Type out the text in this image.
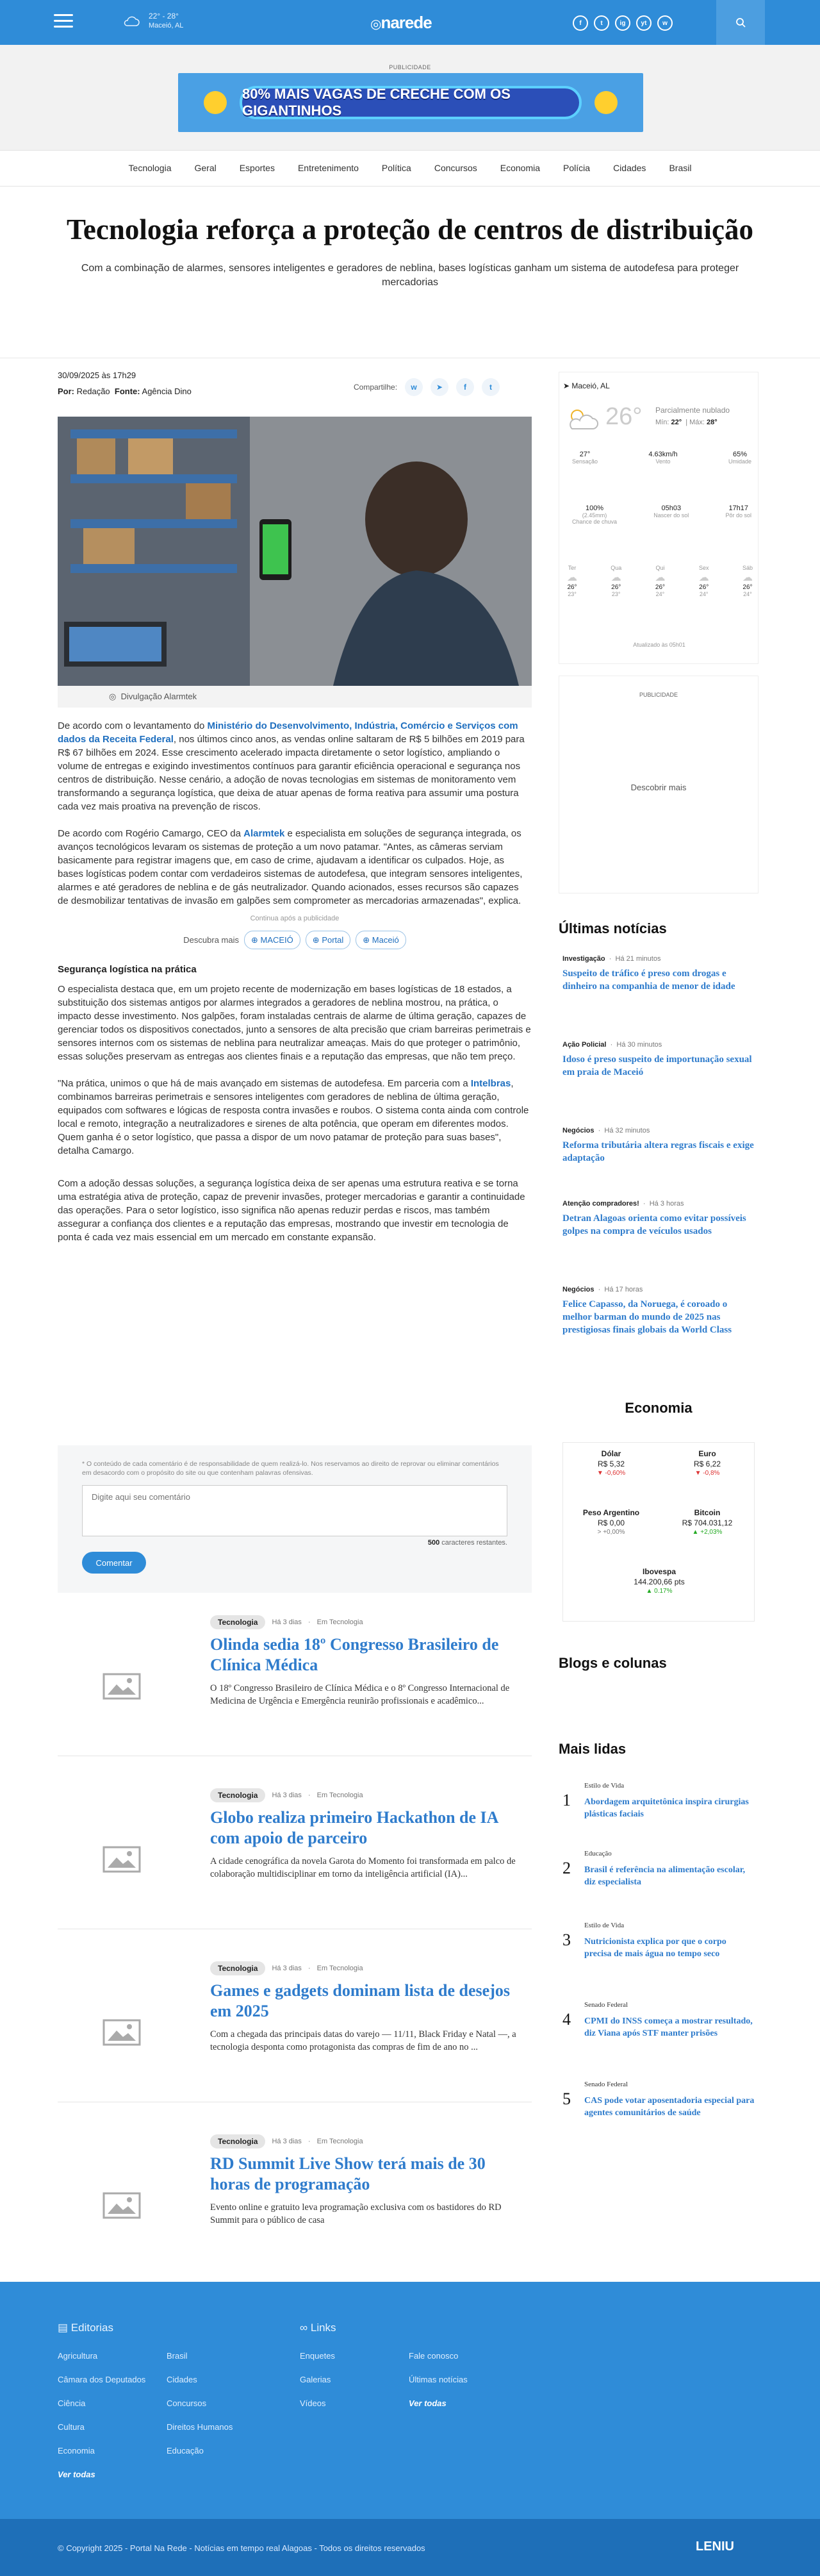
22° - 28°
Maceió, AL	◎narede	f	t	ig	yt	w
PUBLICIDADE
80% MAIS VAGAS DE CRECHE COM OS GIGANTINHOS
Tecnologia	Geral	Esportes	Entretenimento	Política	Concursos	Economia	Polícia	Cidades	Brasil
Tecnologia reforça a proteção de centros de distribuição

Com a combinação de alarmes, sensores inteligentes e geradores de neblina, bases logísticas ganham um sistema de autodefesa para proteger mercadorias

30/09/2025 às 17h29
Por: Redação Fonte: Agência Dino	Compartilhe:	w	➤	f	t
◎ Divulgação Alarmtek

De acordo com o levantamento do Ministério do Desenvolvimento, Indústria, Comércio e Serviços com dados da Receita Federal, nos últimos cinco anos, as vendas online saltaram de R$ 5 bilhões em 2019 para R$ 67 bilhões em 2024. Esse crescimento acelerado impacta diretamente o setor logístico, ampliando o volume de entregas e exigindo investimentos contínuos para garantir eficiência operacional e segurança nos centros de distribuição. Nesse cenário, a adoção de novas tecnologias em sistemas de monitoramento vem transformando a segurança logística, que deixa de atuar apenas de forma reativa para assumir uma postura cada vez mais proativa na prevenção de riscos.

De acordo com Rogério Camargo, CEO da Alarmtek e especialista em soluções de segurança integrada, os avanços tecnológicos levaram os sistemas de proteção a um novo patamar. "Antes, as câmeras serviam basicamente para registrar imagens que, em caso de crime, ajudavam a identificar os culpados. Hoje, as bases logísticas podem contar com verdadeiros sistemas de autodefesa, que integram sensores inteligentes, alarmes e até geradores de neblina e de gás neutralizador. Quando acionados, esses recursos são capazes de desmobilizar tentativas de invasão em galpões sem comprometer as mercadorias armazenadas", explica.

Continua após a publicidade
Descubra mais	⊕ MACEIÓ	⊕ Portal	⊕ Maceió
Segurança logística na prática

O especialista destaca que, em um projeto recente de modernização em bases logísticas de 18 estados, a substituição dos sistemas antigos por alarmes integrados a geradores de neblina mostrou, na prática, o impacto desse investimento. Nos galpões, foram instaladas centrais de alarme de última geração, capazes de gerenciar todos os dispositivos conectados, junto a sensores de alta precisão que criam barreiras perimetrais e sensores internos com os sistemas de neblina para neutralizar ameaças. Mais do que proteger o patrimônio, essas soluções preservam as entregas aos clientes finais e a reputação das empresas, que não tem preço.

"Na prática, unimos o que há de mais avançado em sistemas de autodefesa. Em parceria com a Intelbras, combinamos barreiras perimetrais e sensores inteligentes com geradores de neblina de última geração, equipados com softwares e lógicas de resposta contra invasões e roubos. O sistema conta ainda com controle local e remoto, integração a neutralizadores e sirenes de alta potência, que operam em diferentes modos. Quem ganha é o setor logístico, que passa a dispor de um novo patamar de proteção para suas bases", detalha Camargo.

Com a adoção dessas soluções, a segurança logística deixa de ser apenas uma estrutura reativa e se torna uma estratégia ativa de proteção, capaz de prevenir invasões, proteger mercadorias e garantir a continuidade das operações. Para o setor logístico, isso significa não apenas reduzir perdas e riscos, mas também assegurar a confiança dos clientes e a reputação das empresas, mostrando que investir em tecnologia de ponta é cada vez mais essencial em um mercado em constante expansão.

* O conteúdo de cada comentário é de responsabilidade de quem realizá-lo. Nos reservamos ao direito de reprovar ou eliminar comentários em desacordo com o propósito do site ou que contenham palavras ofensivas.
Digite aqui seu comentário
500 caracteres restantes.
Comentar
Tecnologia	Há 3 dias · Em Tecnologia
Olinda sedia 18º Congresso Brasileiro de Clínica Médica

O 18º Congresso Brasileiro de Clínica Médica e o 8º Congresso Internacional de Medicina de Urgência e Emergência reunirão profissionais e acadêmico...

Tecnologia	Há 3 dias · Em Tecnologia
Globo realiza primeiro Hackathon de IA com apoio de parceiro

A cidade cenográfica da novela Garota do Momento foi transformada em palco de colaboração multidisciplinar em torno da inteligência artificial (IA)...

Tecnologia	Há 3 dias · Em Tecnologia
Games e gadgets dominam lista de desejos em 2025

Com a chegada das principais datas do varejo — 11/11, Black Friday e Natal —, a tecnologia desponta como protagonista das compras de fim de ano no ...

Tecnologia	Há 3 dias · Em Tecnologia
RD Summit Live Show terá mais de 30 horas de programação

Evento online e gratuito leva programação exclusiva com os bastidores do RD Summit para o público de casa

➤ Maceió, AL
26° Parcialmente nublado
Mín: 22°  | Máx: 28°
27°
Sensação
4.63km/h
Vento
65%
Umidade
100%
(2.45mm)
Chance de chuva
05h03
Nascer do sol
17h17
Pôr do sol
Ter
☁
26°
23°
Qua
☁
26°
23°
Qui
☁
26°
24°
Sex
☁
26°
24°
Sáb
☁
26°
24°
Atualizado às 05h01
PUBLICIDADE
Descobrir mais
Últimas notícias
Investigação  ·  Há 21 minutos
Suspeito de tráfico é preso com drogas e dinheiro na companhia de menor de idade
Ação Policial  ·  Há 30 minutos
Idoso é preso suspeito de importunação sexual em praia de Maceió
Negócios  ·  Há 32 minutos
Reforma tributária altera regras fiscais e exige adaptação
Atenção compradores!  ·  Há 3 horas
Detran Alagoas orienta como evitar possíveis golpes na compra de veículos usados
Negócios  ·  Há 17 horas
Felice Capasso, da Noruega, é coroado o melhor barman do mundo de 2025 nas prestigiosas finais globais da World Class
Economia
Dólar
R$ 5,32
▼ -0,60%
Euro
R$ 6,22
▼ -0,8%
Peso Argentino
R$ 0,00
> +0,00%
Bitcoin
R$ 704.031,12
▲ +2,03%
Ibovespa
144.200,66 pts
▲ 0.17%
Blogs e colunas
Mais lidas
1
Estilo de Vida
Abordagem arquitetônica inspira cirurgias plásticas faciais
2
Educação
Brasil é referência na alimentação escolar, diz especialista
3
Estilo de Vida
Nutricionista explica por que o corpo precisa de mais água no tempo seco
4
Senado Federal
CPMI do INSS começa a mostrar resultado, diz Viana após STF manter prisões
5
Senado Federal
CAS pode votar aposentadoria especial para agentes comunitários de saúde
▤ Editorias
Agricultura	Brasil
Câmara dos Deputados	Cidades
Ciência	Concursos
Cultura	Direitos Humanos
Economia	Educação
Ver todas
∞ Links
Enquetes	Fale conosco
Galerias	Últimas notícias
Vídeos	Ver todas
© Copyright 2025 - Portal Na Rede - Notícias em tempo real Alagoas - Todos os direitos reservados	LENIU
